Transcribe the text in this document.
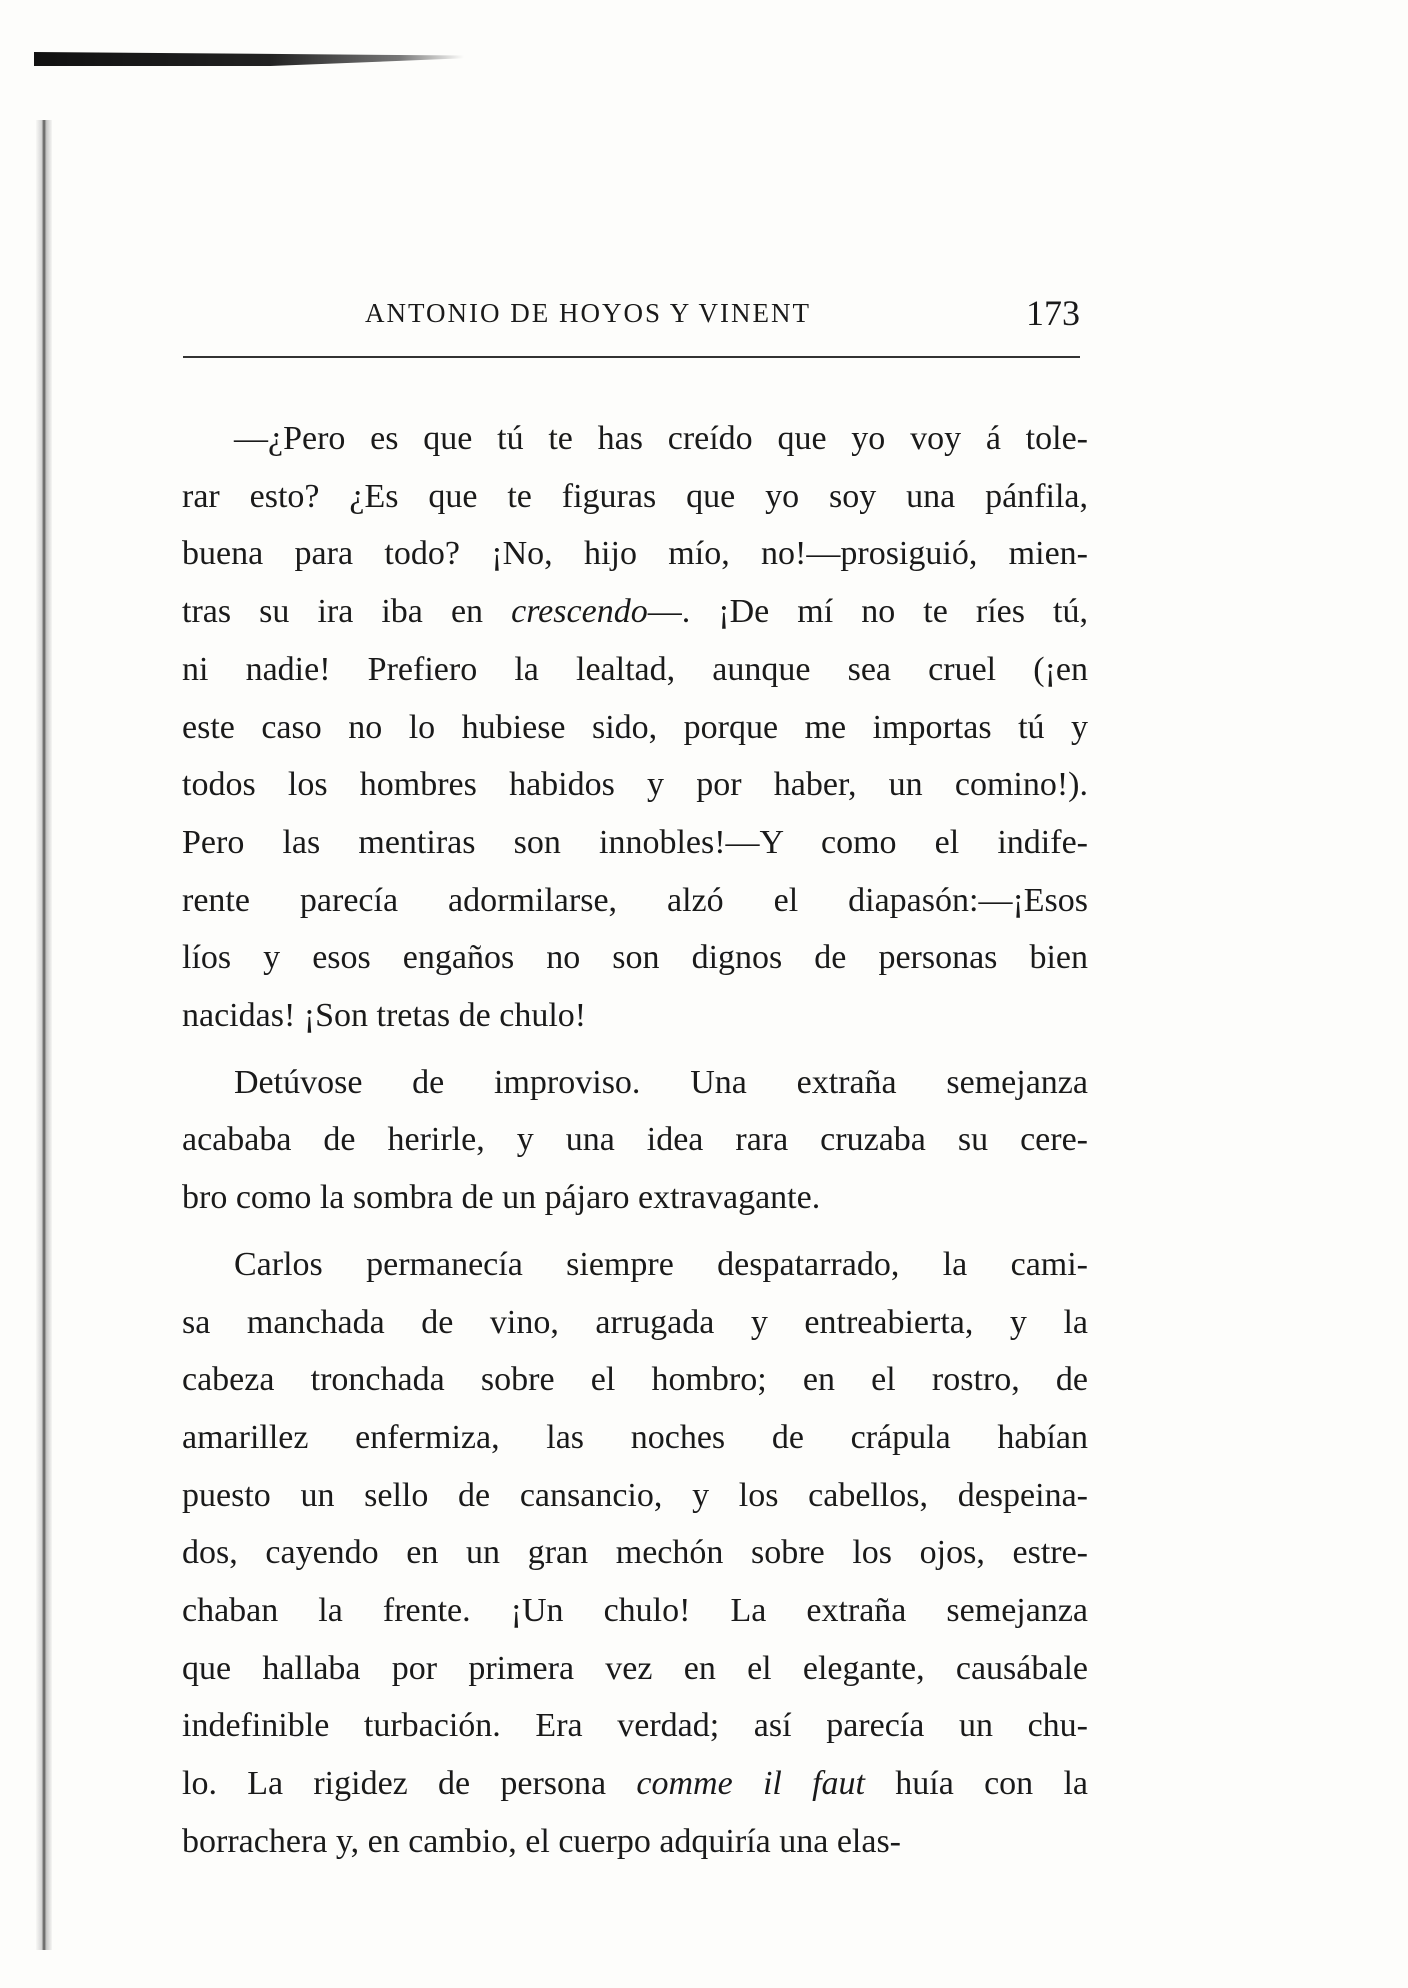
ANTONIO DE HOYOS Y VINENT	173
—¿Pero es que tú te has creído que yo voy á tole-
rar esto? ¿Es que te figuras que yo soy una pánfila,
buena para todo? ¡No, hijo mío, no!—prosiguió, mien-
tras su ira iba en crescendo—. ¡De mí no te ríes tú,
ni nadie! Prefiero la lealtad, aunque sea cruel (¡en
este caso no lo hubiese sido, porque me importas tú y
todos los hombres habidos y por haber, un comino!).
Pero las mentiras son innobles!—Y como el indife-
rente parecía adormilarse, alzó el diapasón:—¡Esos
líos y esos engaños no son dignos de personas bien
nacidas! ¡Son tretas de chulo!
Detúvose de improviso. Una extraña semejanza
acababa de herirle, y una idea rara cruzaba su cere-
bro como la sombra de un pájaro extravagante.
Carlos permanecía siempre despatarrado, la cami-
sa manchada de vino, arrugada y entreabierta, y la
cabeza tronchada sobre el hombro; en el rostro, de
amarillez enfermiza, las noches de crápula habían
puesto un sello de cansancio, y los cabellos, despeina-
dos, cayendo en un gran mechón sobre los ojos, estre-
chaban la frente. ¡Un chulo! La extraña semejanza
que hallaba por primera vez en el elegante, causábale
indefinible turbación. Era verdad; así parecía un chu-
lo. La rigidez de persona comme il faut huía con la
borrachera y, en cambio, el cuerpo adquiría una elas-
